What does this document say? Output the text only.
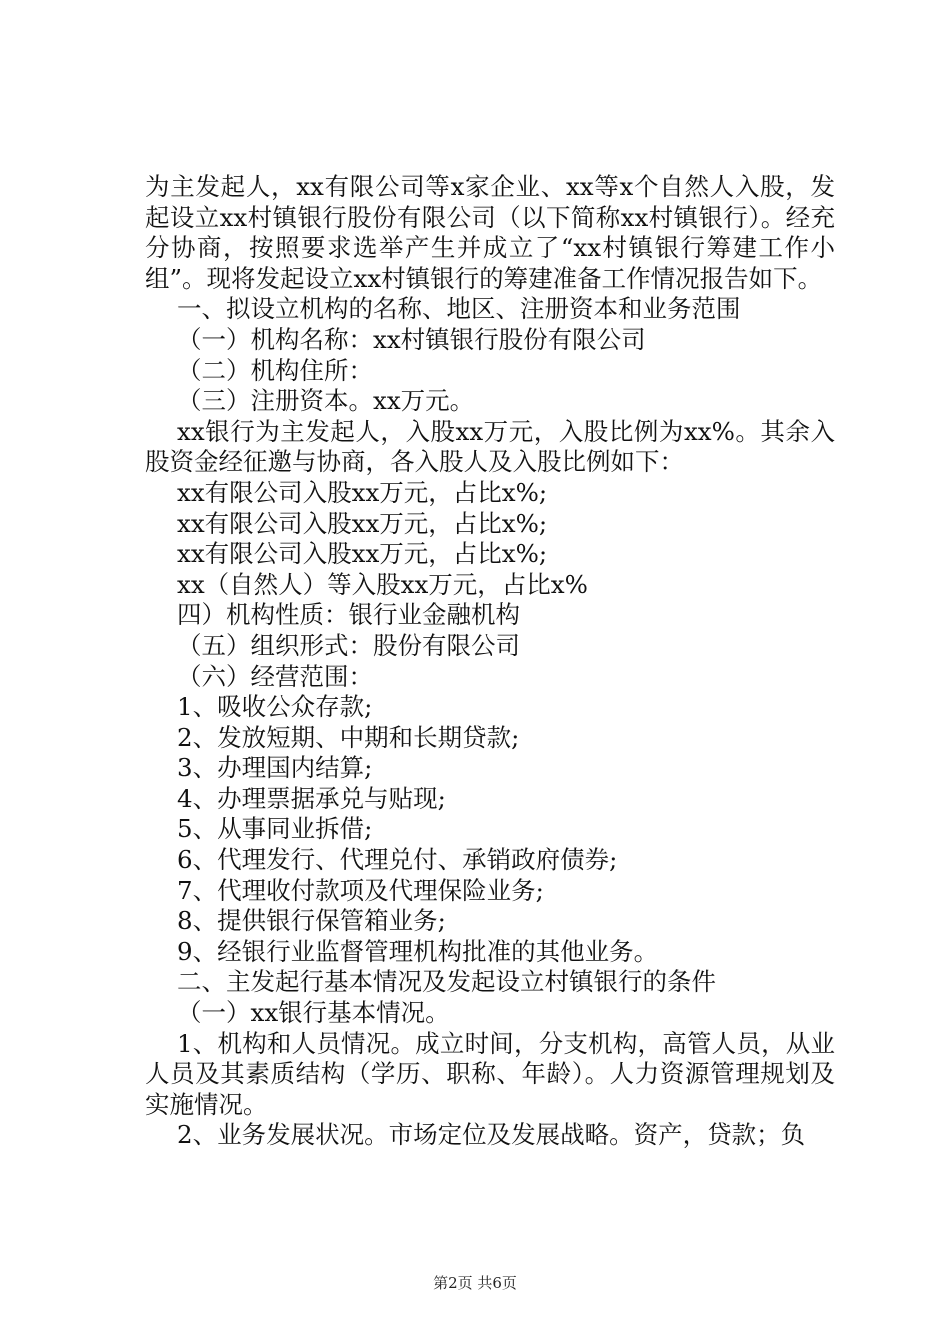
为主发起人，xx有限公司等x家企业、xx等x个自然人入股，发起设立xx村镇银行股份有限公司（以下简称xx村镇银行）。经充分协商，按照要求选举产生并成立了“xx村镇银行筹建工作小组”。现将发起设立xx村镇银行的筹建准备工作情况报告如下。

一、拟设立机构的名称、地区、注册资本和业务范围

（一）机构名称：xx村镇银行股份有限公司

（二）机构住所：

（三）注册资本。xx万元。

xx银行为主发起人，入股xx万元，入股比例为xx%。其余入股资金经征邀与协商，各入股人及入股比例如下：

xx有限公司入股xx万元，占比x%;

xx有限公司入股xx万元，占比x%;

xx有限公司入股xx万元，占比x%;

xx（自然人）等入股xx万元，占比x%

四）机构性质：银行业金融机构

（五）组织形式：股份有限公司

（六）经营范围：

1、吸收公众存款;

2、发放短期、中期和长期贷款;

3、办理国内结算;

4、办理票据承兑与贴现;

5、从事同业拆借;

6、代理发行、代理兑付、承销政府债券;

7、代理收付款项及代理保险业务;

8、提供银行保管箱业务;

9、经银行业监督管理机构批准的其他业务。

二、主发起行基本情况及发起设立村镇银行的条件

（一）xx银行基本情况。

1、机构和人员情况。成立时间，分支机构，高管人员，从业人员及其素质结构（学历、职称、年龄）。人力资源管理规划及实施情况。

2、业务发展状况。市场定位及发展战略。资产，贷款；负

第2页 共6页
